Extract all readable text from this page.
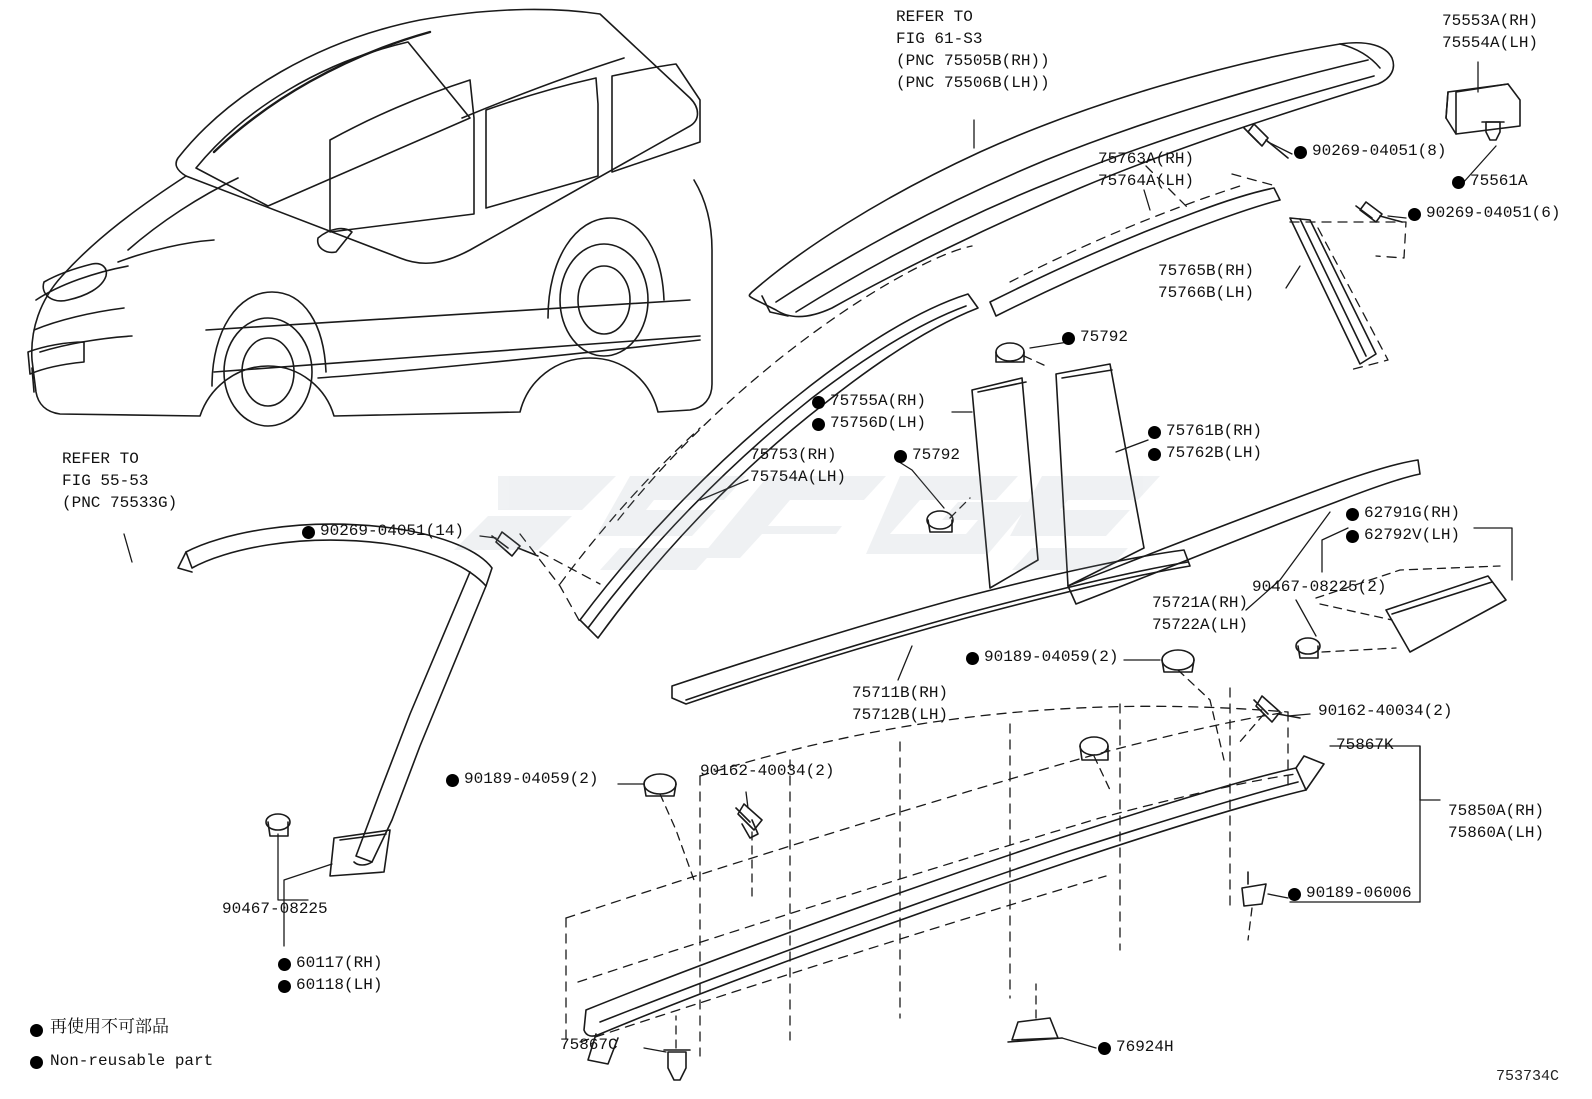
REFER TO
FIG 61-S3
(PNC 75505B(RH))
(PNC 75506B(LH))
75553A(RH)
75554A(LH)
75561A
90269-04051(8)
90269-04051(6)
75763A(RH)
75764A(LH)
75765B(RH)
75766B(LH)
75792
75755A(RH)
75756D(LH)	75761B(RH)
75762B(LH)
75792
75753(RH)
75754A(LH)
90269-04051(14)
REFER TO
FIG 55-53
(PNC 75533G)
62791G(RH)
62792V(LH)
90467-08225(2)
75721A(RH)
75722A(LH)
75711B(RH)
75712B(LH)
90189-04059(2)
90162-40034(2)
75867K
75850A(RH)
75860A(LH)
90189-06006
90189-04059(2)	90162-40034(2)
90467-08225
60117(RH)
60118(LH)
75867C	76924H
再使用不可部品
Non-reusable part
753734C
